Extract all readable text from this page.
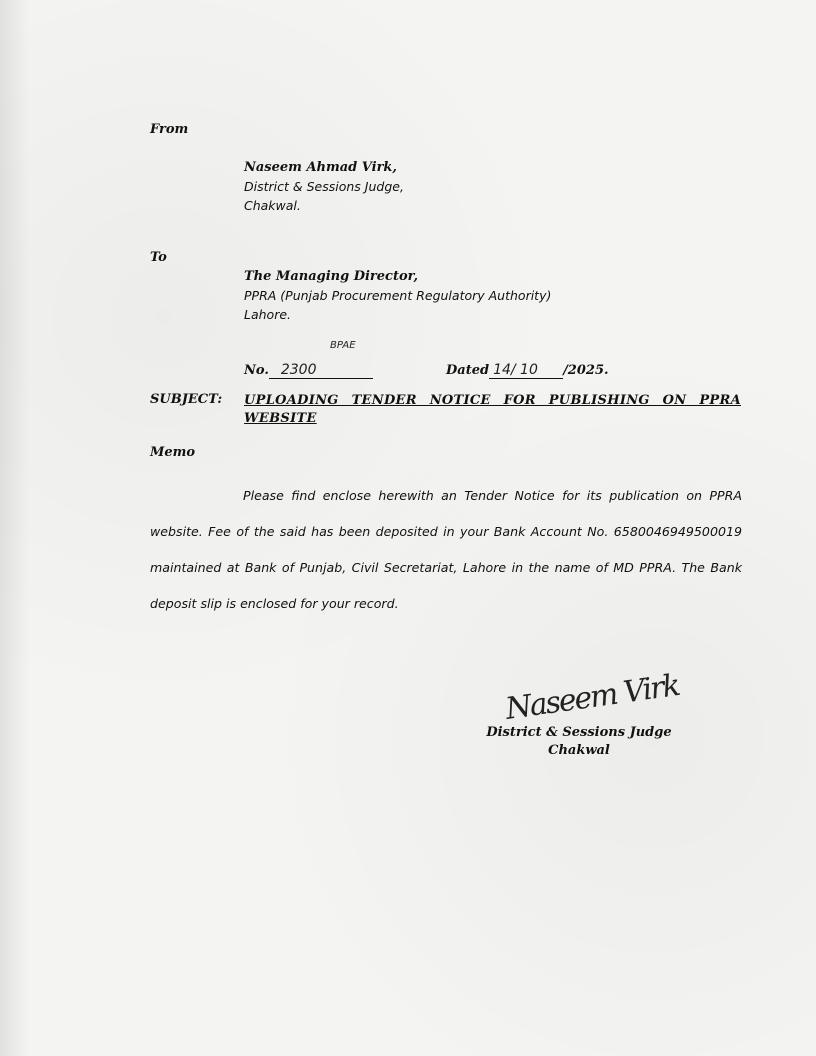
From
Naseem Ahmad Virk,
District & Sessions Judge,
Chakwal.
To
The Managing Director,
PPRA (Punjab Procurement Regulatory Authority)
Lahore.
No. 2300
BPAE
Dated 14/ 10 /2025.
SUBJECT: UPLOADING TENDER NOTICE FOR PUBLISHING ON PPRA WEBSITE
Memo
Please find enclose herewith an Tender Notice for its publication on PPRA website. Fee of the said has been deposited in your Bank Account No. 6580046949500019 maintained at Bank of Punjab, Civil Secretariat, Lahore in the name of MD PPRA. The Bank deposit slip is enclosed for your record.
Naseem Virk
District & Sessions Judge
Chakwal
